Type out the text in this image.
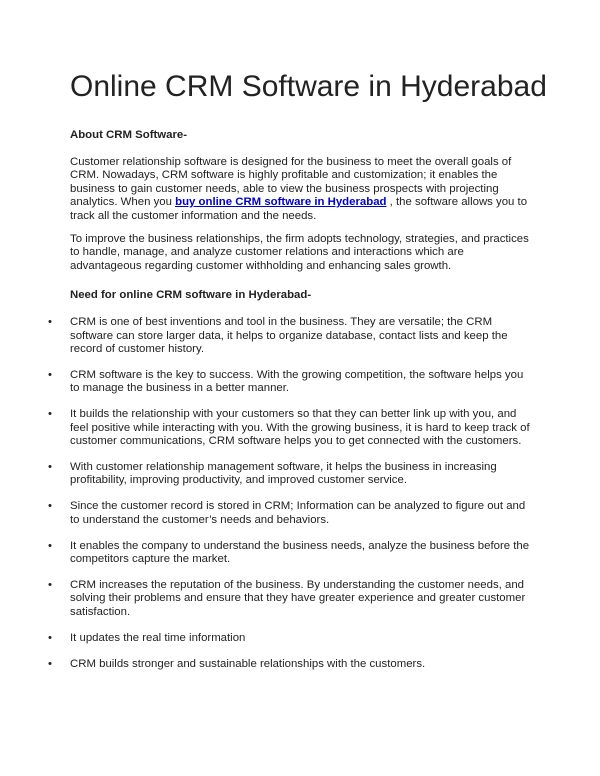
Online CRM Software in Hyderabad
About CRM Software-

Customer relationship software is designed for the business to meet the overall goals of CRM. Nowadays, CRM software is highly profitable and customization; it enables the business to gain customer needs, able to view the business prospects with projecting analytics. When you buy online CRM software in Hyderabad , the software allows you to track all the customer information and the needs.

To improve the business relationships, the firm adopts technology, strategies, and practices to handle, manage, and analyze customer relations and interactions which are advantageous regarding customer withholding and enhancing sales growth.

Need for online CRM software in Hyderabad-
• CRM is one of best inventions and tool in the business. They are versatile; the CRM software can store larger data, it helps to organize database, contact lists and keep the record of customer history.
• CRM software is the key to success. With the growing competition, the software helps you to manage the business in a better manner.
• It builds the relationship with your customers so that they can better link up with you, and feel positive while interacting with you. With the growing business, it is hard to keep track of customer communications, CRM software helps you to get connected with the customers.
• With customer relationship management software, it helps the business in increasing profitability, improving productivity, and improved customer service.
• Since the customer record is stored in CRM; Information can be analyzed to figure out and to understand the customer’s needs and behaviors.
• It enables the company to understand the business needs, analyze the business before the competitors capture the market.
• CRM increases the reputation of the business. By understanding the customer needs, and solving their problems and ensure that they have greater experience and greater customer satisfaction.
• It updates the real time information
• CRM builds stronger and sustainable relationships with the customers.
